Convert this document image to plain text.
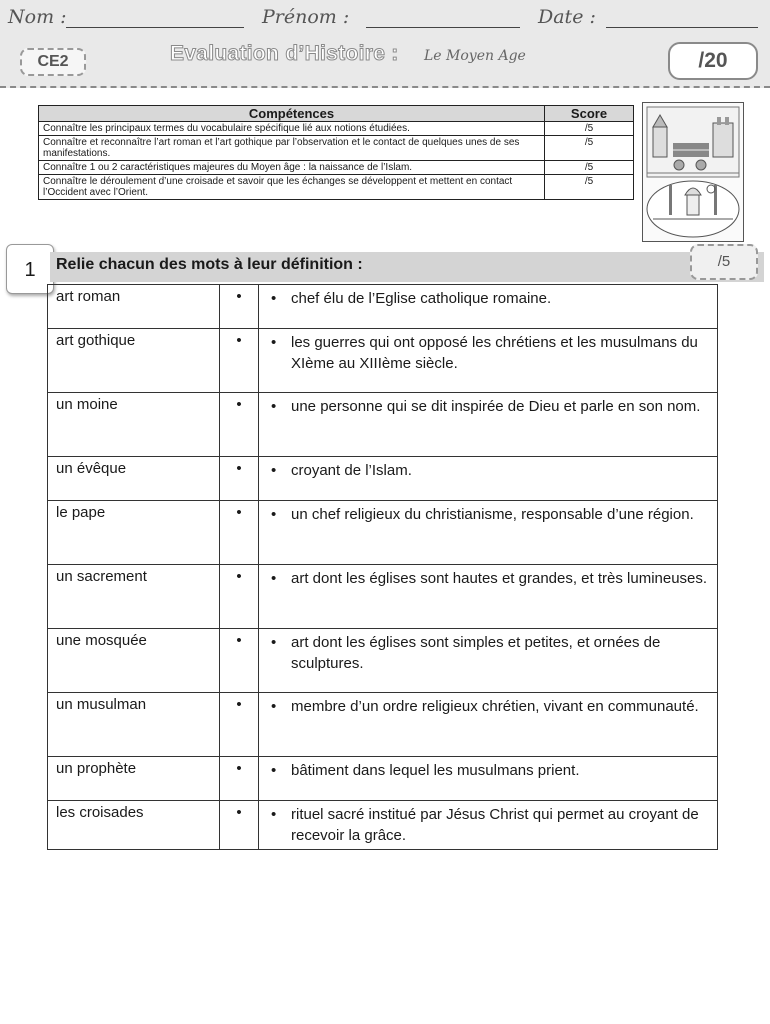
Nom :	Prénom :	Date :
CE2	Evaluation d’Histoire : Le Moyen Age	/20
Compétences	Score
Connaître les principaux termes du vocabulaire spécifique lié aux notions étudiées.	/5
Connaître et reconnaître l’art roman et l’art gothique par l’observation et le contact de quelques unes de ses manifestations.	/5
Connaître 1 ou 2 caractéristiques majeures du Moyen âge : la naissance de l’Islam.	/5
Connaître le déroulement d’une croisade et savoir que les échanges se développent et mettent en contact l’Occident avec l’Orient.	/5
1	Relie chacun des mots à leur définition :	/5
art roman	•	• chef élu de l’Eglise catholique romaine.
art gothique	•	• les guerres qui ont opposé les chrétiens et les musulmans du XIème au XIIIème siècle.
un moine	•	• une personne qui se dit inspirée de Dieu et parle en son nom.
un évêque	•	• croyant de l’Islam.
le pape	•	• un chef religieux du christianisme, responsable d’une région.
un sacrement	•	• art dont les églises sont hautes et grandes, et très lumineuses.
une mosquée	•	• art dont les églises sont simples et petites, et ornées de sculptures.
un musulman	•	• membre d’un ordre religieux chrétien, vivant en communauté.
un prophète	•	• bâtiment dans lequel les musulmans prient.
les croisades	•	• rituel sacré institué par Jésus Christ qui permet au croyant de recevoir la grâce.
